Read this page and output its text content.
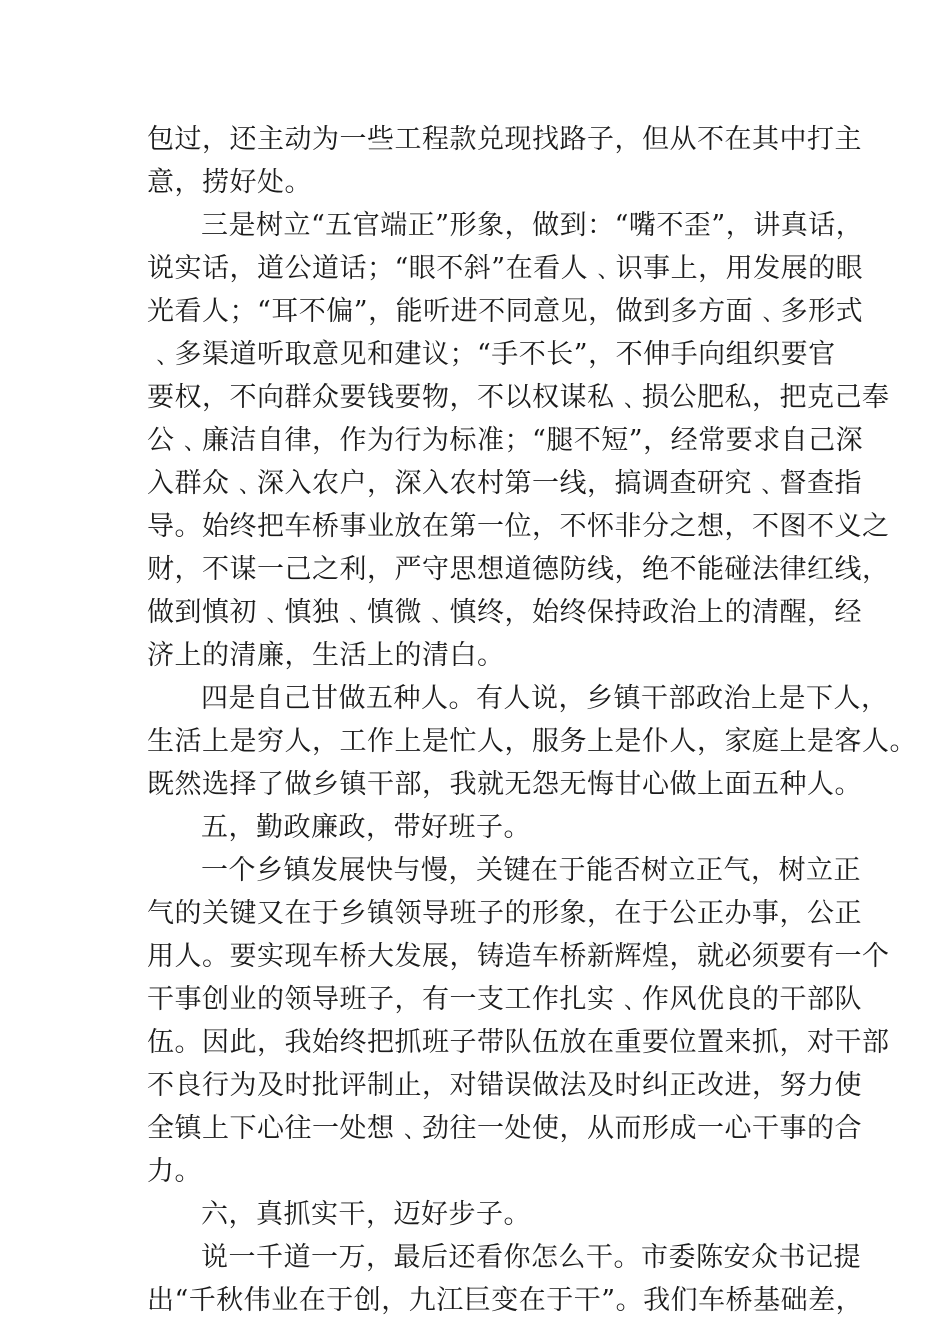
包过，还主动为一些工程款兑现找路子，但从不在其中打主
意，捞好处。
三是树立“五官端正”形象，做到：“嘴不歪”，讲真话，
说实话，道公道话；“眼不斜”在看人﹑识事上，用发展的眼
光看人；“耳不偏”，能听进不同意见，做到多方面﹑多形式
﹑多渠道听取意见和建议；“手不长”，不伸手向组织要官
要权，不向群众要钱要物，不以权谋私﹑损公肥私，把克己奉
公﹑廉洁自律，作为行为标准；“腿不短”，经常要求自己深
入群众﹑深入农户，深入农村第一线，搞调查研究﹑督查指
导。始终把车桥事业放在第一位，不怀非分之想，不图不义之
财，不谋一己之利，严守思想道德防线，绝不能碰法律红线，
做到慎初﹑慎独﹑慎微﹑慎终，始终保持政治上的清醒，经
济上的清廉，生活上的清白。
四是自己甘做五种人。有人说，乡镇干部政治上是下人，
生活上是穷人，工作上是忙人，服务上是仆人，家庭上是客人。
既然选择了做乡镇干部，我就无怨无悔甘心做上面五种人。
五，勤政廉政，带好班子。
一个乡镇发展快与慢，关键在于能否树立正气，树立正
气的关键又在于乡镇领导班子的形象，在于公正办事，公正
用人。要实现车桥大发展，铸造车桥新辉煌，就必须要有一个
干事创业的领导班子，有一支工作扎实﹑作风优良的干部队
伍。因此，我始终把抓班子带队伍放在重要位置来抓，对干部
不良行为及时批评制止，对错误做法及时纠正改进，努力使
全镇上下心往一处想﹑劲往一处使，从而形成一心干事的合
力。
六，真抓实干，迈好步子。
说一千道一万，最后还看你怎么干。市委陈安众书记提
出“千秋伟业在于创，九江巨变在于干”。我们车桥基础差，
